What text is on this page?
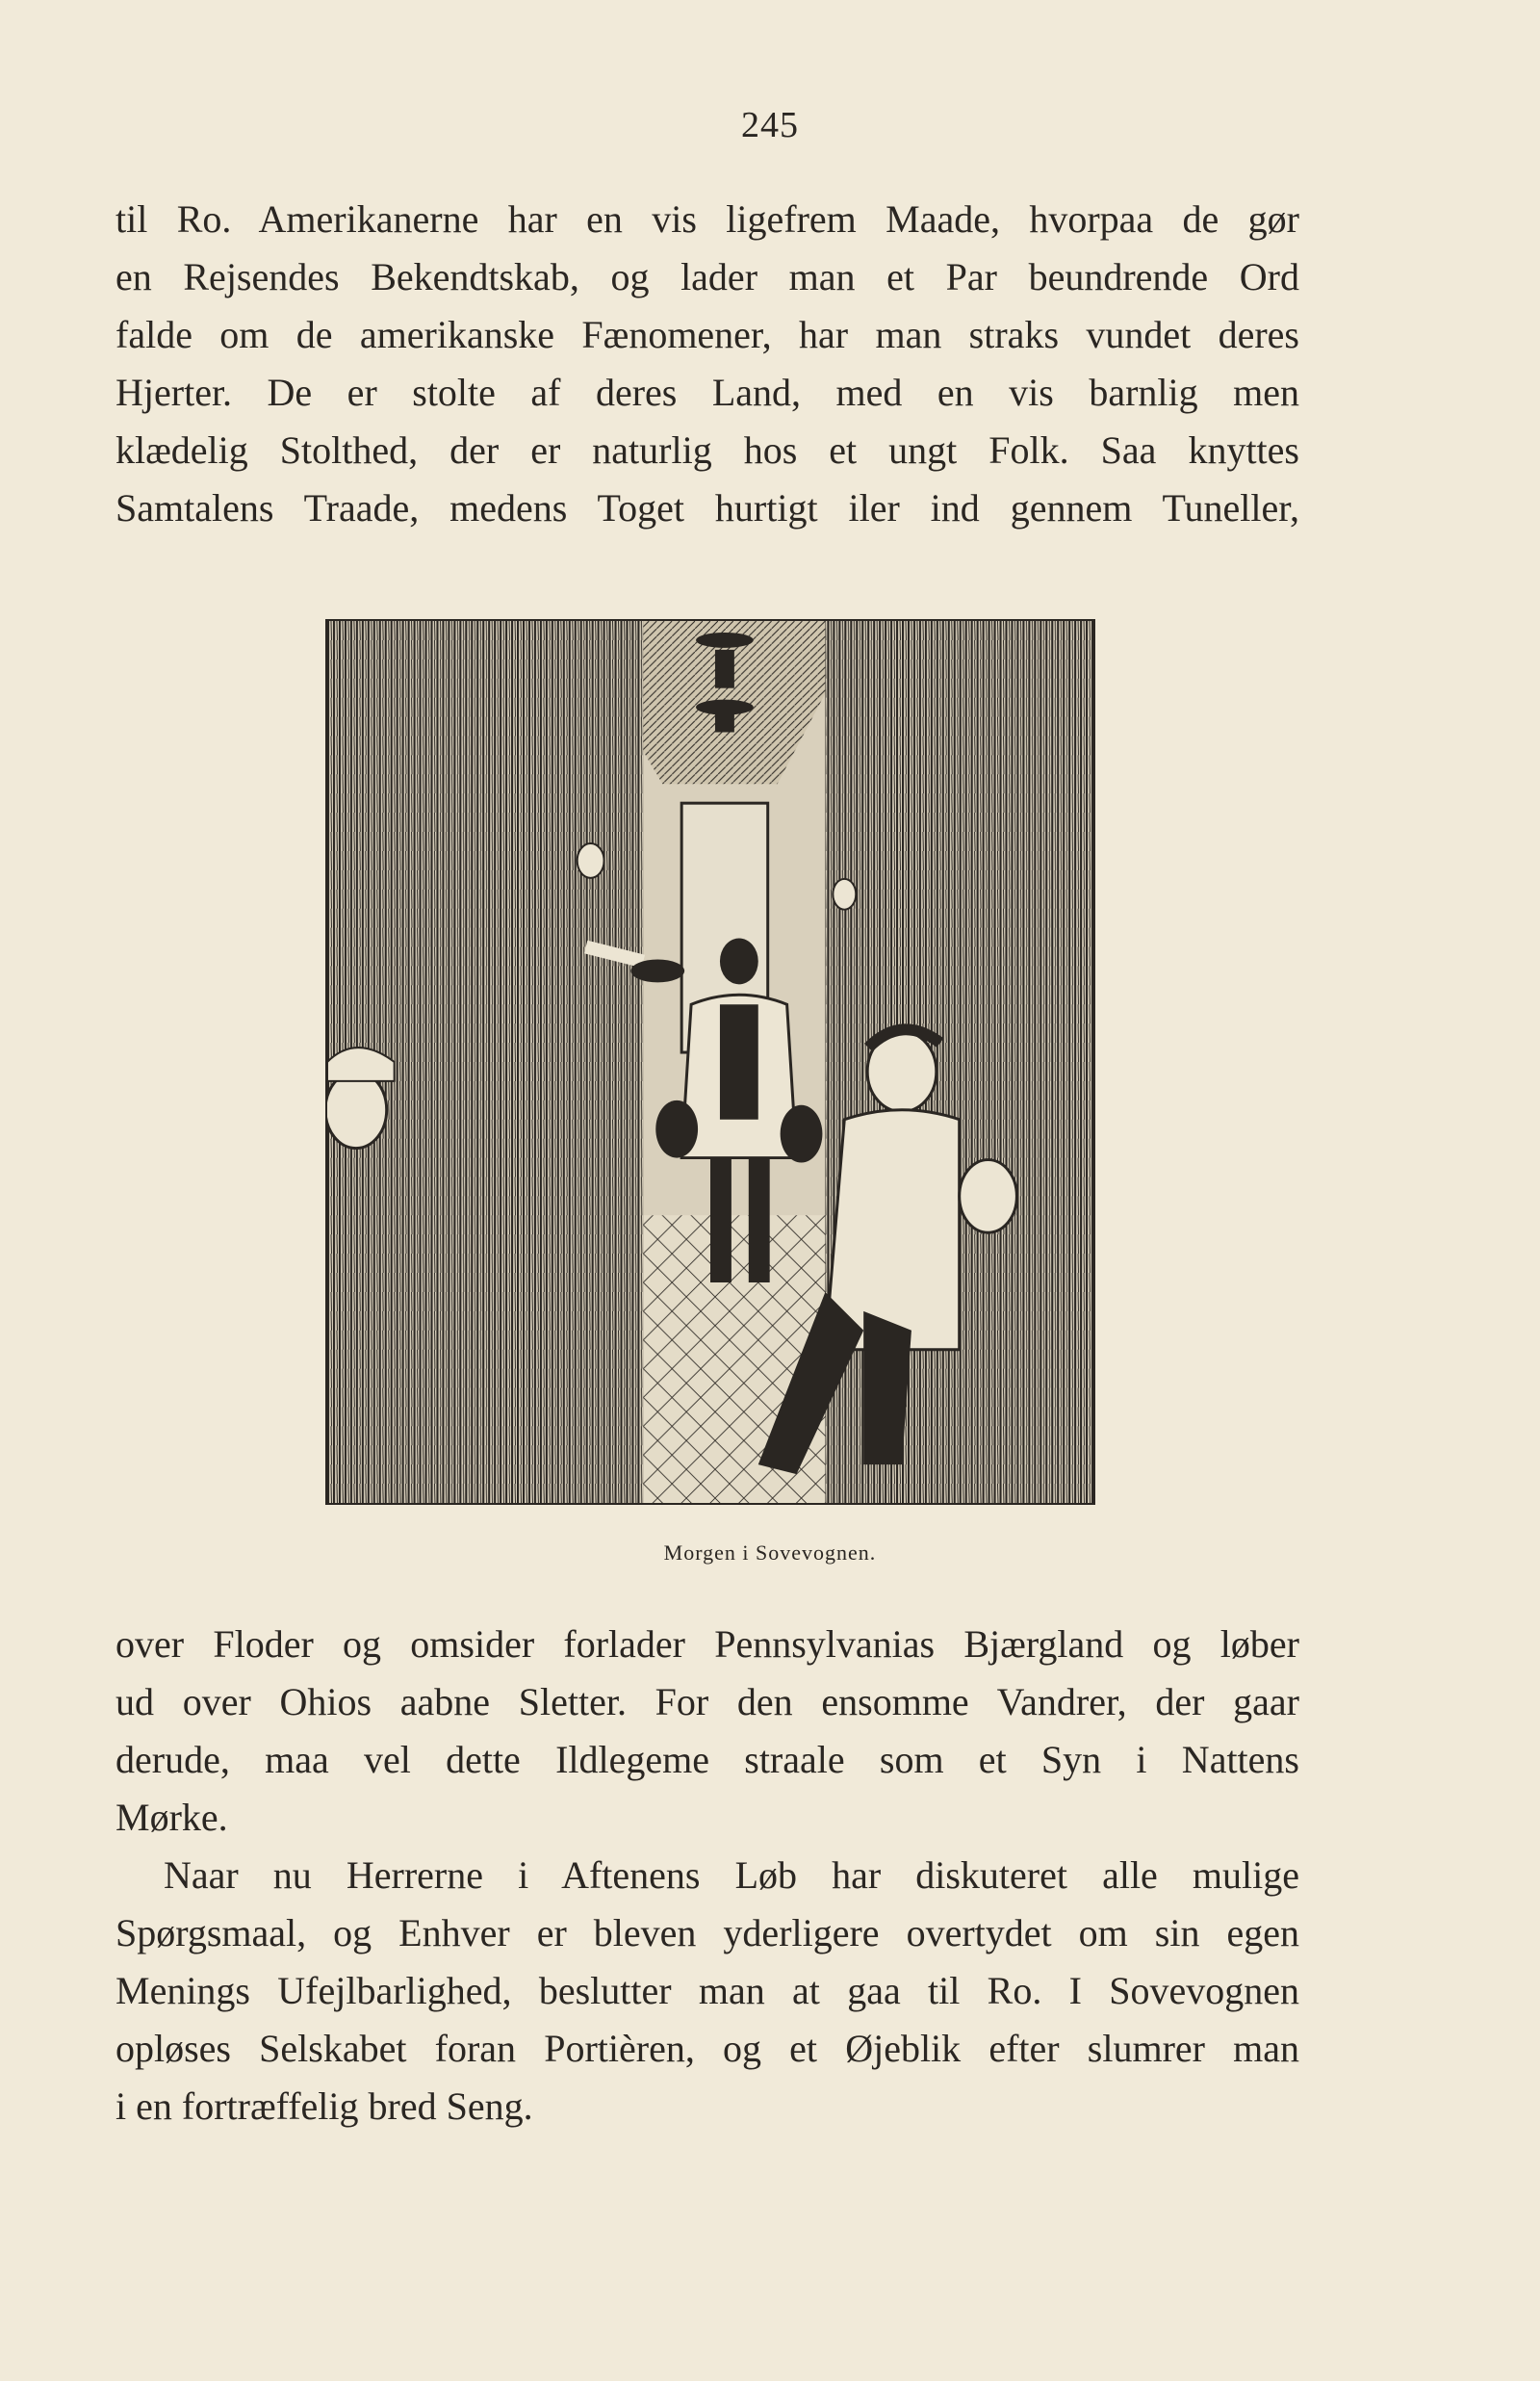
245
til Ro. Amerikanerne har en vis ligefrem Maade, hvorpaa de gør
en Rejsendes Bekendtskab, og lader man et Par beundrende Ord
falde om de amerikanske Fænomener, har man straks vundet deres
Hjerter. De er stolte af deres Land, med en vis barnlig men
klædelig Stolthed, der er naturlig hos et ungt Folk. Saa knyttes
Samtalens Traade, medens Toget hurtigt iler ind gennem Tuneller,
Morgen i Sovevognen.
over Floder og omsider forlader Pennsylvanias Bjærgland og løber
ud over Ohios aabne Sletter. For den ensomme Vandrer, der gaar
derude, maa vel dette Ildlegeme straale som et Syn i Nattens
Mørke.
Naar nu Herrerne i Aftenens Løb har diskuteret alle mulige
Spørgsmaal, og Enhver er bleven yderligere overtydet om sin egen
Menings Ufejlbarlighed, beslutter man at gaa til Ro. I Sovevognen
opløses Selskabet foran Portièren, og et Øjeblik efter slumrer man
i en fortræffelig bred Seng.
